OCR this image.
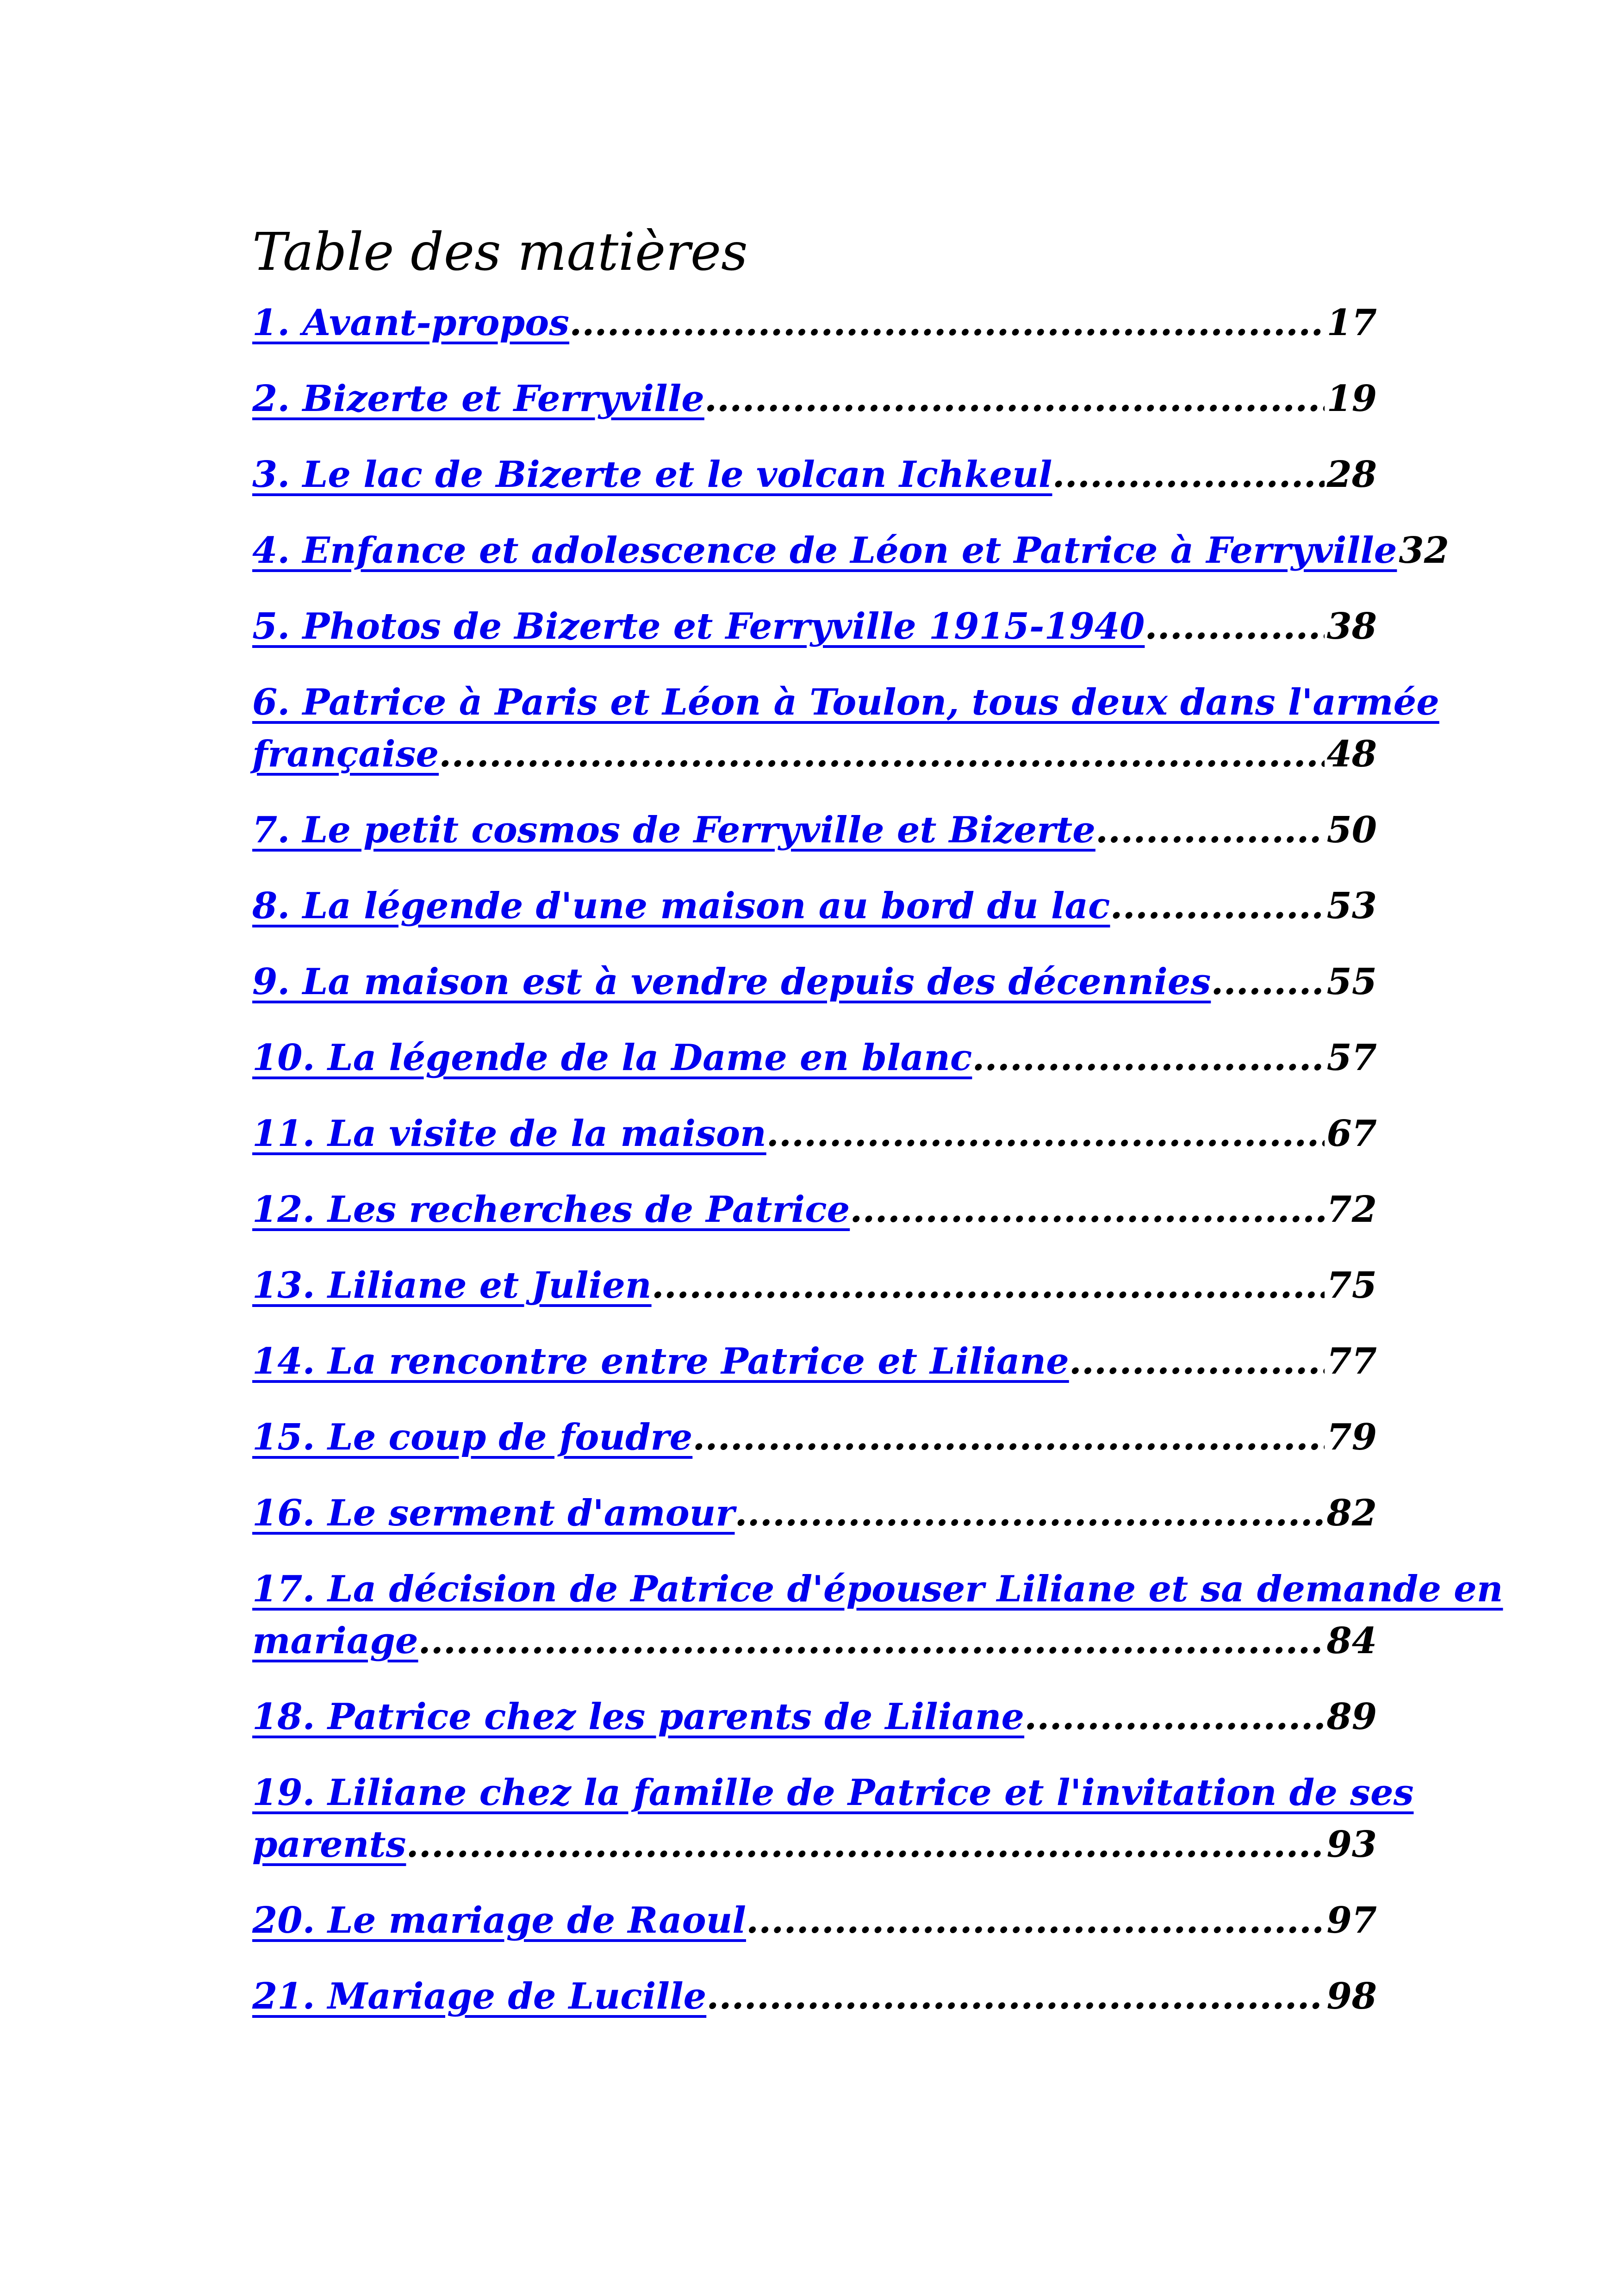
Table des matières
1. Avant-propos .....	17
2. Bizerte et Ferryville .....	19
3. Le lac de Bizerte et le volcan Ichkeul .....	28
4. Enfance et adolescence de Léon et Patrice à Ferryville 32
5. Photos de Bizerte et Ferryville 1915-1940 .....	38
6. Patrice à Paris et Léon à Toulon, tous deux dans l'armée
française .....	48
7. Le petit cosmos de Ferryville et Bizerte .....	50
8. La légende d'une maison au bord du lac .....	53
9. La maison est à vendre depuis des décennies .....	55
10. La légende de la Dame en blanc .....	57
11. La visite de la maison .....	67
12. Les recherches de Patrice .....	72
13. Liliane et Julien .....	75
14. La rencontre entre Patrice et Liliane .....	77
15. Le coup de foudre .....	79
16. Le serment d'amour .....	82
17. La décision de Patrice d'épouser Liliane et sa demande en
mariage .....	84
18. Patrice chez les parents de Liliane .....	89
19. Liliane chez la famille de Patrice et l'invitation de ses
parents .....	93
20. Le mariage de Raoul .....	97
21. Mariage de Lucille .....	98
